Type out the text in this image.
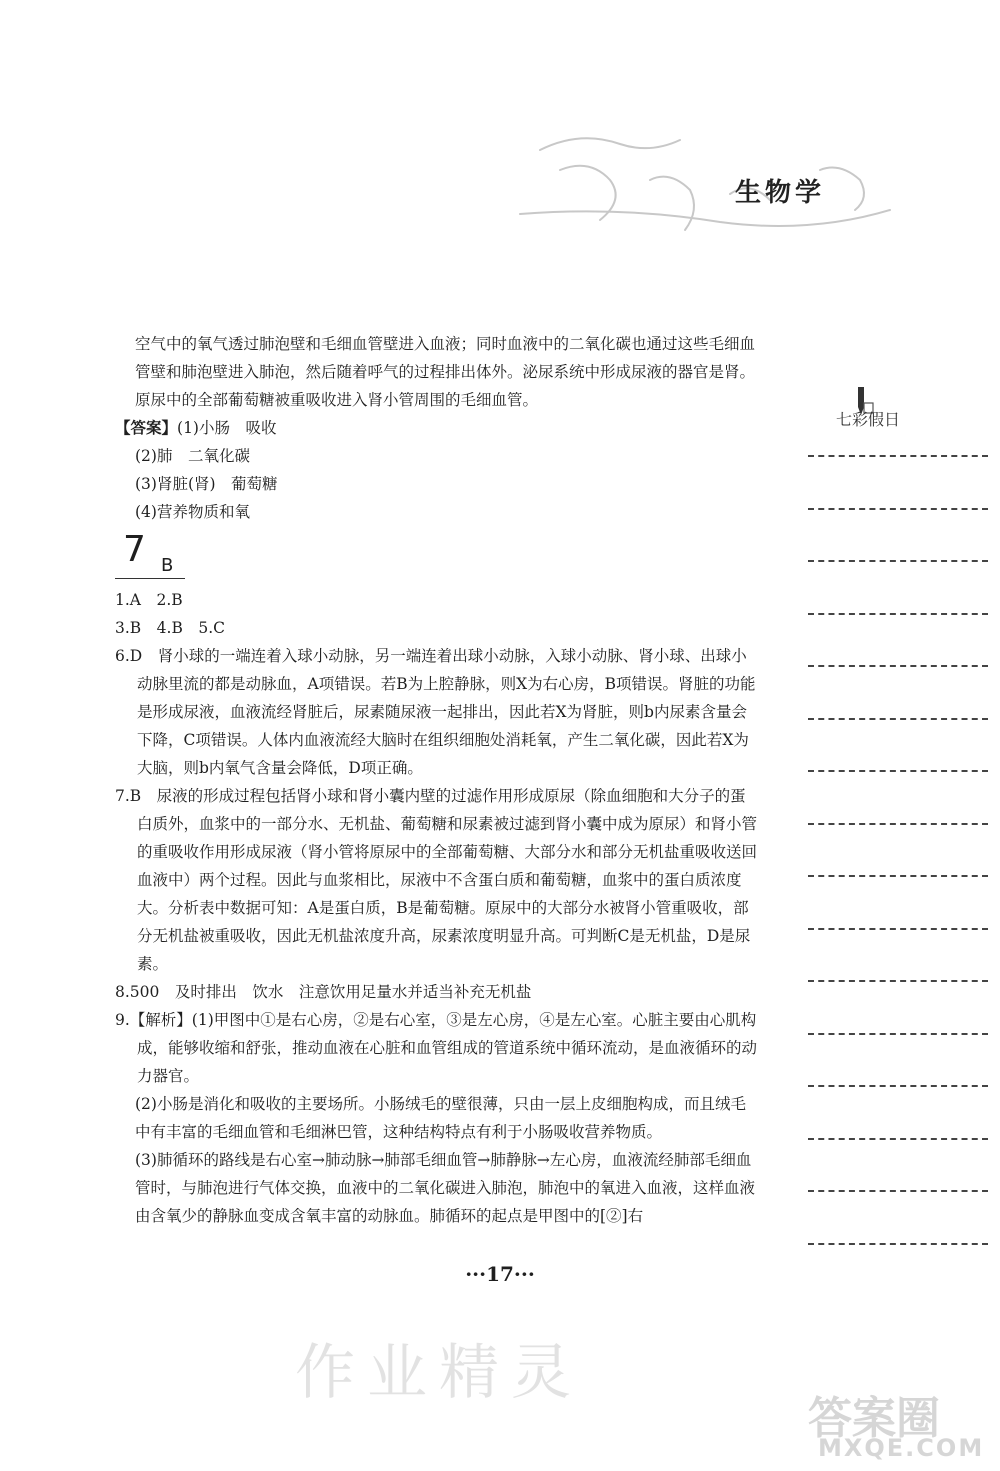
生物学
七彩假日

空气中的氧气透过肺泡壁和毛细血管壁进入血液；同时血液中的二氧化碳也通过这些毛细血管壁和肺泡壁进入肺泡，然后随着呼气的过程排出体外。泌尿系统中形成尿液的器官是肾。原尿中的全部葡萄糖被重吸收进入肾小管周围的毛细血管。

【答案】(1)小肠　吸收

(2)肺　二氧化碳

(3)肾脏(肾)　葡萄糖

(4)营养物质和氧

7 B

1.A　2.B

3.B　4.B　5.C

6.D　肾小球的一端连着入球小动脉，另一端连着出球小动脉，入球小动脉、肾小球、出球小动脉里流的都是动脉血，A项错误。若B为上腔静脉，则X为右心房，B项错误。肾脏的功能是形成尿液，血液流经肾脏后，尿素随尿液一起排出，因此若X为肾脏，则b内尿素含量会下降，C项错误。人体内血液流经大脑时在组织细胞处消耗氧，产生二氧化碳，因此若X为大脑，则b内氧气含量会降低，D项正确。

7.B　尿液的形成过程包括肾小球和肾小囊内壁的过滤作用形成原尿（除血细胞和大分子的蛋白质外，血浆中的一部分水、无机盐、葡萄糖和尿素被过滤到肾小囊中成为原尿）和肾小管的重吸收作用形成尿液（肾小管将原尿中的全部葡萄糖、大部分水和部分无机盐重吸收送回血液中）两个过程。因此与血浆相比，尿液中不含蛋白质和葡萄糖，血浆中的蛋白质浓度大。分析表中数据可知：A是蛋白质，B是葡萄糖。原尿中的大部分水被肾小管重吸收，部分无机盐被重吸收，因此无机盐浓度升高，尿素浓度明显升高。可判断C是无机盐，D是尿素。

8.500　及时排出　饮水　注意饮用足量水并适当补充无机盐

9.【解析】(1)甲图中①是右心房，②是右心室，③是左心房，④是左心室。心脏主要由心肌构成，能够收缩和舒张，推动血液在心脏和血管组成的管道系统中循环流动，是血液循环的动力器官。

(2)小肠是消化和吸收的主要场所。小肠绒毛的壁很薄，只由一层上皮细胞构成，而且绒毛中有丰富的毛细血管和毛细淋巴管，这种结构特点有利于小肠吸收营养物质。

(3)肺循环的路线是右心室→肺动脉→肺部毛细血管→肺静脉→左心房，血液流经肺部毛细血管时，与肺泡进行气体交换，血液中的二氧化碳进入肺泡，肺泡中的氧进入血液，这样血液由含氧少的静脉血变成含氧丰富的动脉血。肺循环的起点是甲图中的[②]右

···17···
作业精灵
答案圈
MXQE.COM
